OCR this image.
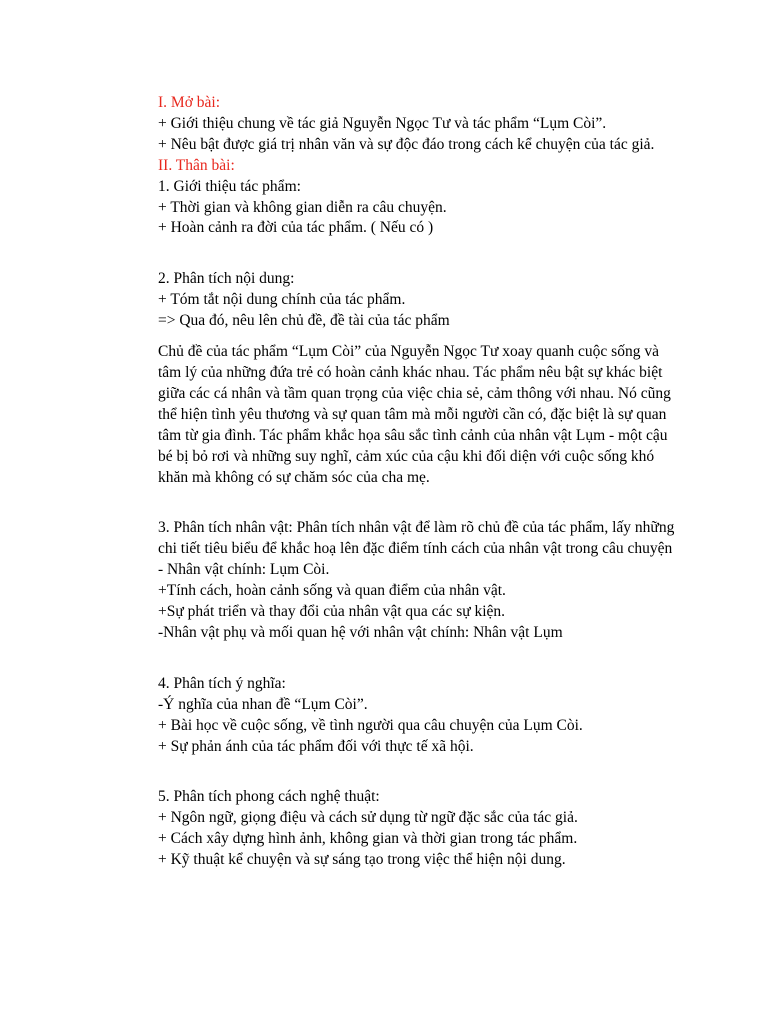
I. Mở bài:
+ Giới thiệu chung về tác giả Nguyễn Ngọc Tư và tác phẩm “Lụm Còi”.
+ Nêu bật được giá trị nhân văn và sự độc đáo trong cách kể chuyện của tác giả.
II. Thân bài:
1. Giới thiệu tác phẩm:
+ Thời gian và không gian diễn ra câu chuyện.
+ Hoàn cảnh ra đời của tác phẩm. ( Nếu có )
2. Phân tích nội dung:
+ Tóm tắt nội dung chính của tác phẩm.
=> Qua đó, nêu lên chủ đề, đề tài của tác phẩm
Chủ đề của tác phẩm “Lụm Còi” của Nguyễn Ngọc Tư xoay quanh cuộc sống và tâm lý của những đứa trẻ có hoàn cảnh khác nhau. Tác phẩm nêu bật sự khác biệt giữa các cá nhân và tầm quan trọng của việc chia sẻ, cảm thông với nhau. Nó cũng thể hiện tình yêu thương và sự quan tâm mà mỗi người cần có, đặc biệt là sự quan tâm từ gia đình. Tác phẩm khắc họa sâu sắc tình cảnh của nhân vật Lụm - một cậu bé bị bỏ rơi và những suy nghĩ, cảm xúc của cậu khi đối diện với cuộc sống khó khăn mà không có sự chăm sóc của cha mẹ.
3. Phân tích nhân vật: Phân tích nhân vật để làm rõ chủ đề của tác phẩm, lấy những chi tiết tiêu biểu để khắc hoạ lên đặc điểm tính cách của nhân vật trong câu chuyện
- Nhân vật chính: Lụm Còi.
+Tính cách, hoàn cảnh sống và quan điểm của nhân vật.
+Sự phát triển và thay đổi của nhân vật qua các sự kiện.
-Nhân vật phụ và mối quan hệ với nhân vật chính: Nhân vật Lụm
4. Phân tích ý nghĩa:
-Ý nghĩa của nhan đề “Lụm Còi”.
+ Bài học về cuộc sống, về tình người qua câu chuyện của Lụm Còi.
+ Sự phản ánh của tác phẩm đối với thực tế xã hội.
5. Phân tích phong cách nghệ thuật:
+ Ngôn ngữ, giọng điệu và cách sử dụng từ ngữ đặc sắc của tác giả.
+ Cách xây dựng hình ảnh, không gian và thời gian trong tác phẩm.
+ Kỹ thuật kể chuyện và sự sáng tạo trong việc thể hiện nội dung.
